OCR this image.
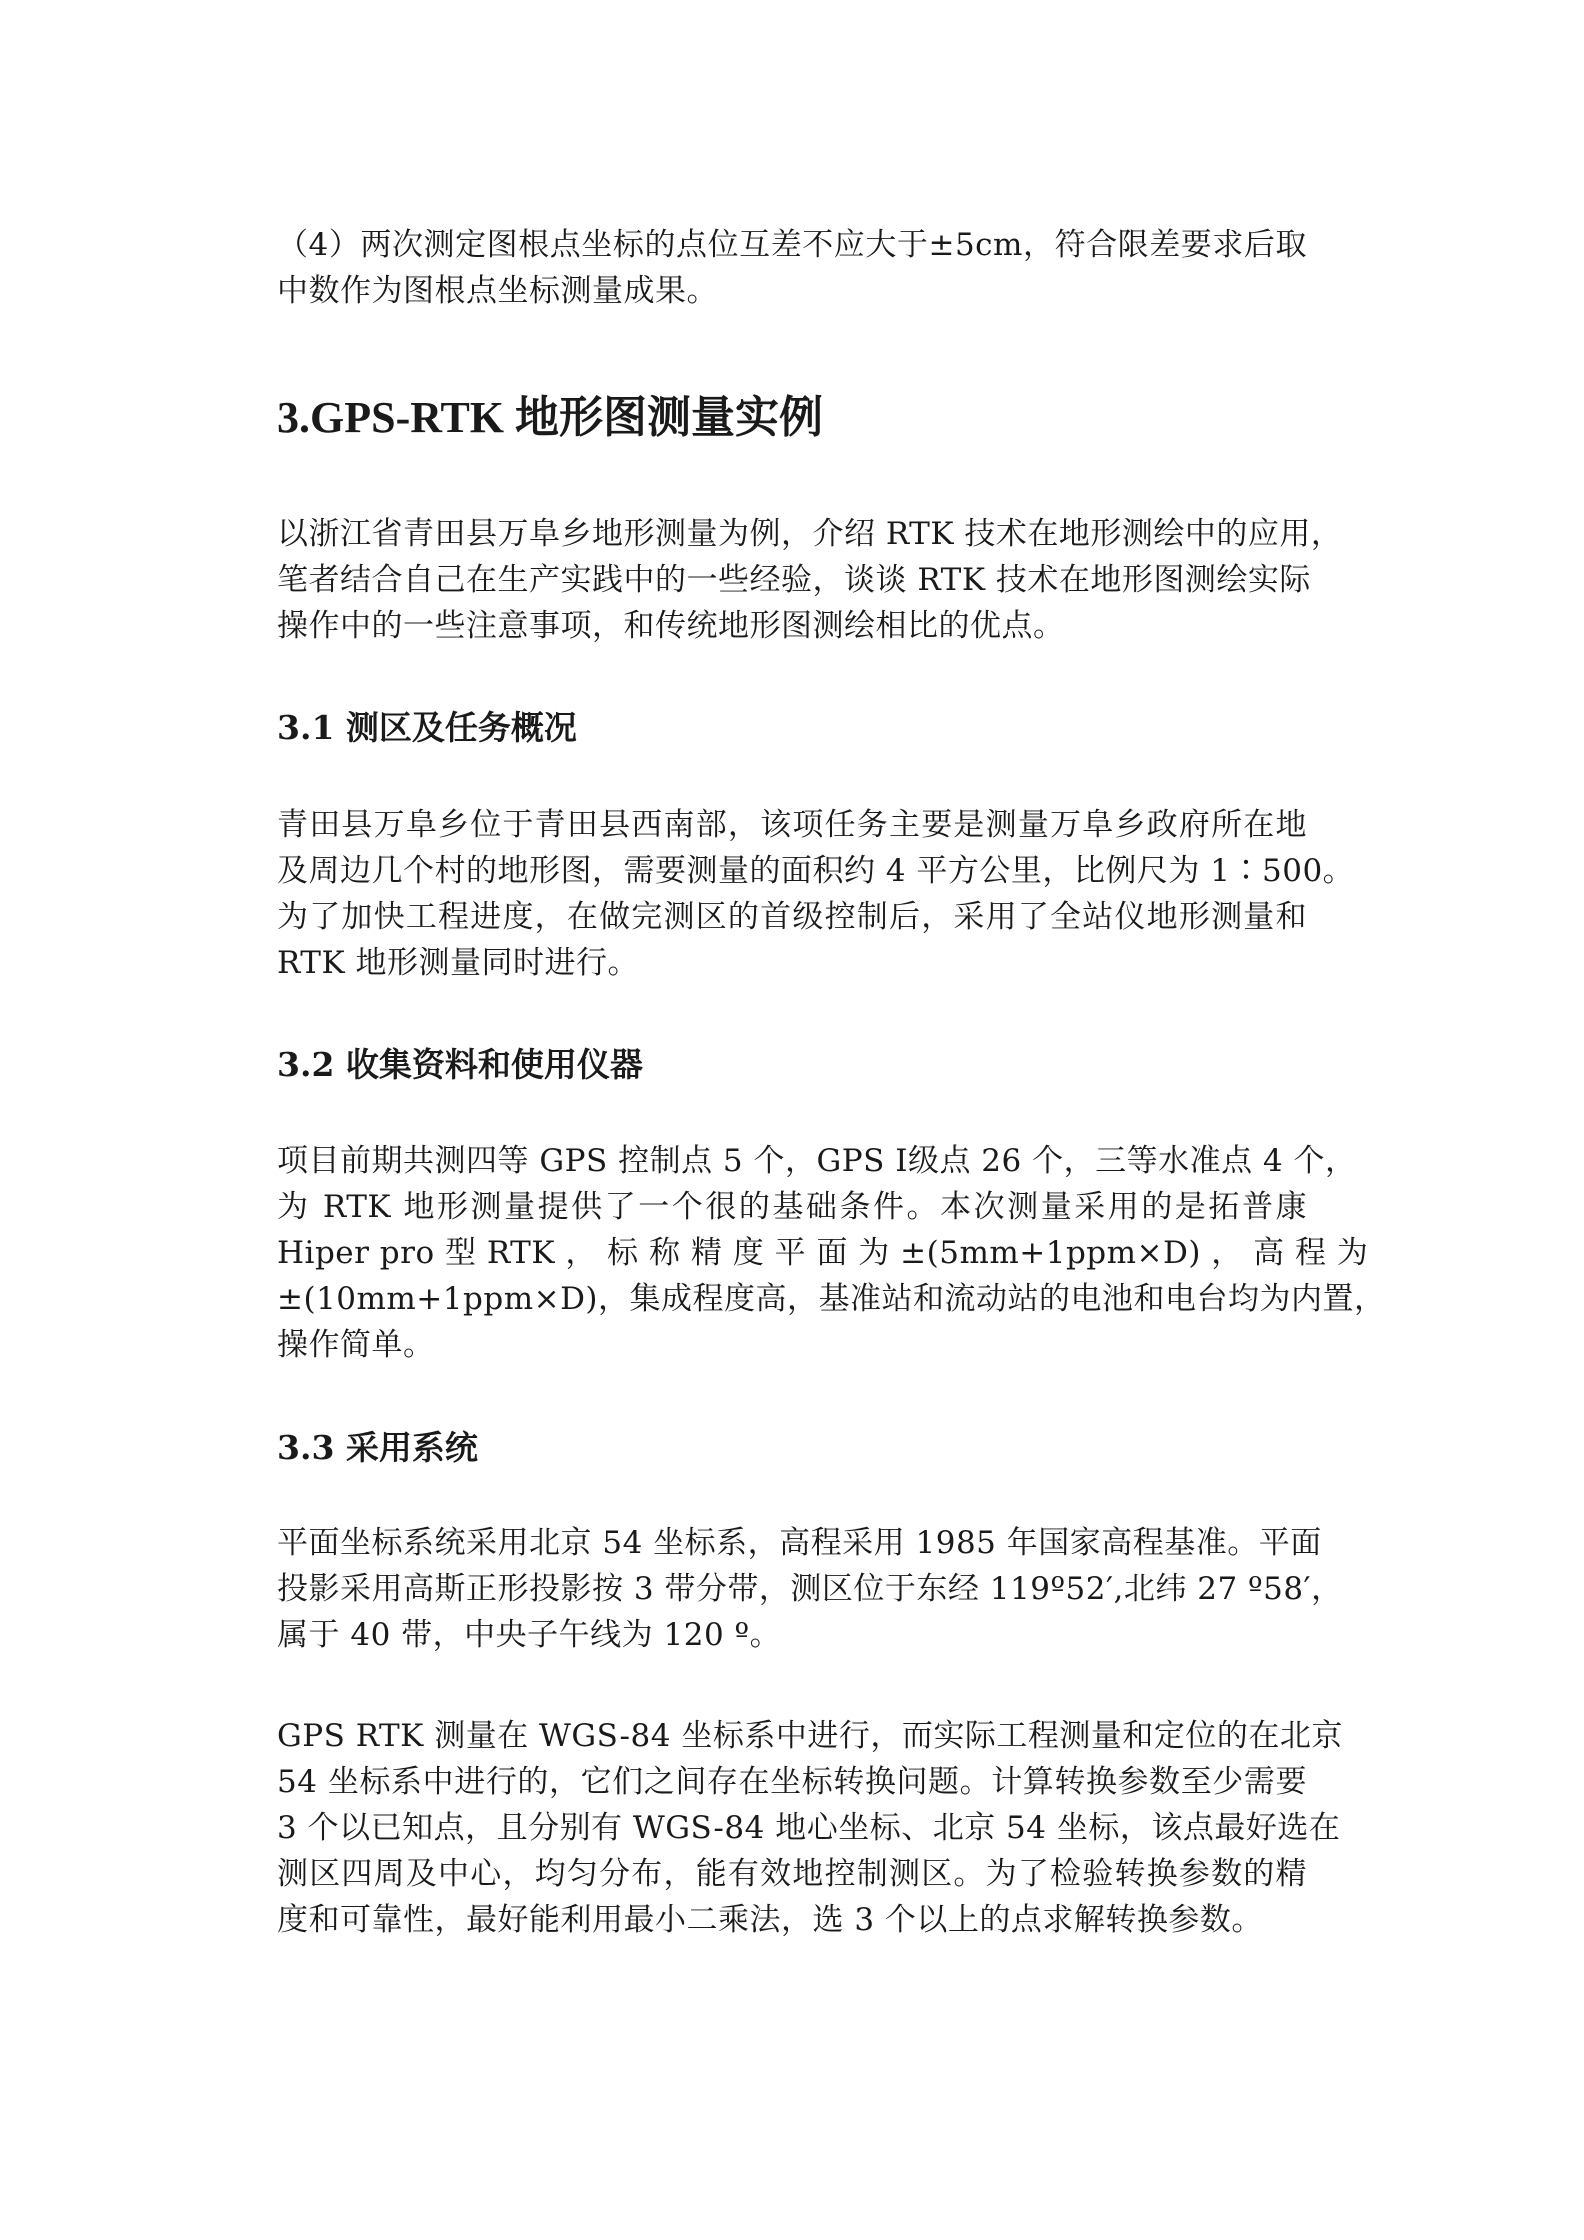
（4）两次测定图根点坐标的点位互差不应大于±5cm，符合限差要求后取
中数作为图根点坐标测量成果。
3.GPS-RTK 地形图测量实例
以浙江省青田县万阜乡地形测量为例，介绍 RTK 技术在地形测绘中的应用，
笔者结合自己在生产实践中的一些经验，谈谈 RTK 技术在地形图测绘实际
操作中的一些注意事项，和传统地形图测绘相比的优点。
3.1 测区及任务概况
青田县万阜乡位于青田县西南部，该项任务主要是测量万阜乡政府所在地
及周边几个村的地形图，需要测量的面积约 4 平方公里，比例尺为 1∶500。
为了加快工程进度，在做完测区的首级控制后，采用了全站仪地形测量和
RTK 地形测量同时进行。
3.2 收集资料和使用仪器
项目前期共测四等 GPS 控制点 5 个，GPS Ⅰ级点 26 个，三等水准点 4 个，
为 RTK 地形测量提供了一个很的基础条件。本次测量采用的是拓普康
Hiper pro 型 RTK ， 标 称 精 度 平 面 为 ±(5mm+1ppm×D) ， 高 程 为
±(10mm+1ppm×D)，集成程度高，基准站和流动站的电池和电台均为内置，
操作简单。
3.3 采用系统
平面坐标系统采用北京 54 坐标系，高程采用 1985 年国家高程基准。平面
投影采用高斯正形投影按 3 带分带，测区位于东经 119º52′,北纬 27 º58′，
属于 40 带，中央子午线为 120 º。
GPS RTK 测量在 WGS-84 坐标系中进行，而实际工程测量和定位的在北京
54 坐标系中进行的，它们之间存在坐标转换问题。计算转换参数至少需要
3 个以已知点，且分别有 WGS-84 地心坐标、北京 54 坐标，该点最好选在
测区四周及中心，均匀分布，能有效地控制测区。为了检验转换参数的精
度和可靠性，最好能利用最小二乘法，选 3 个以上的点求解转换参数。
